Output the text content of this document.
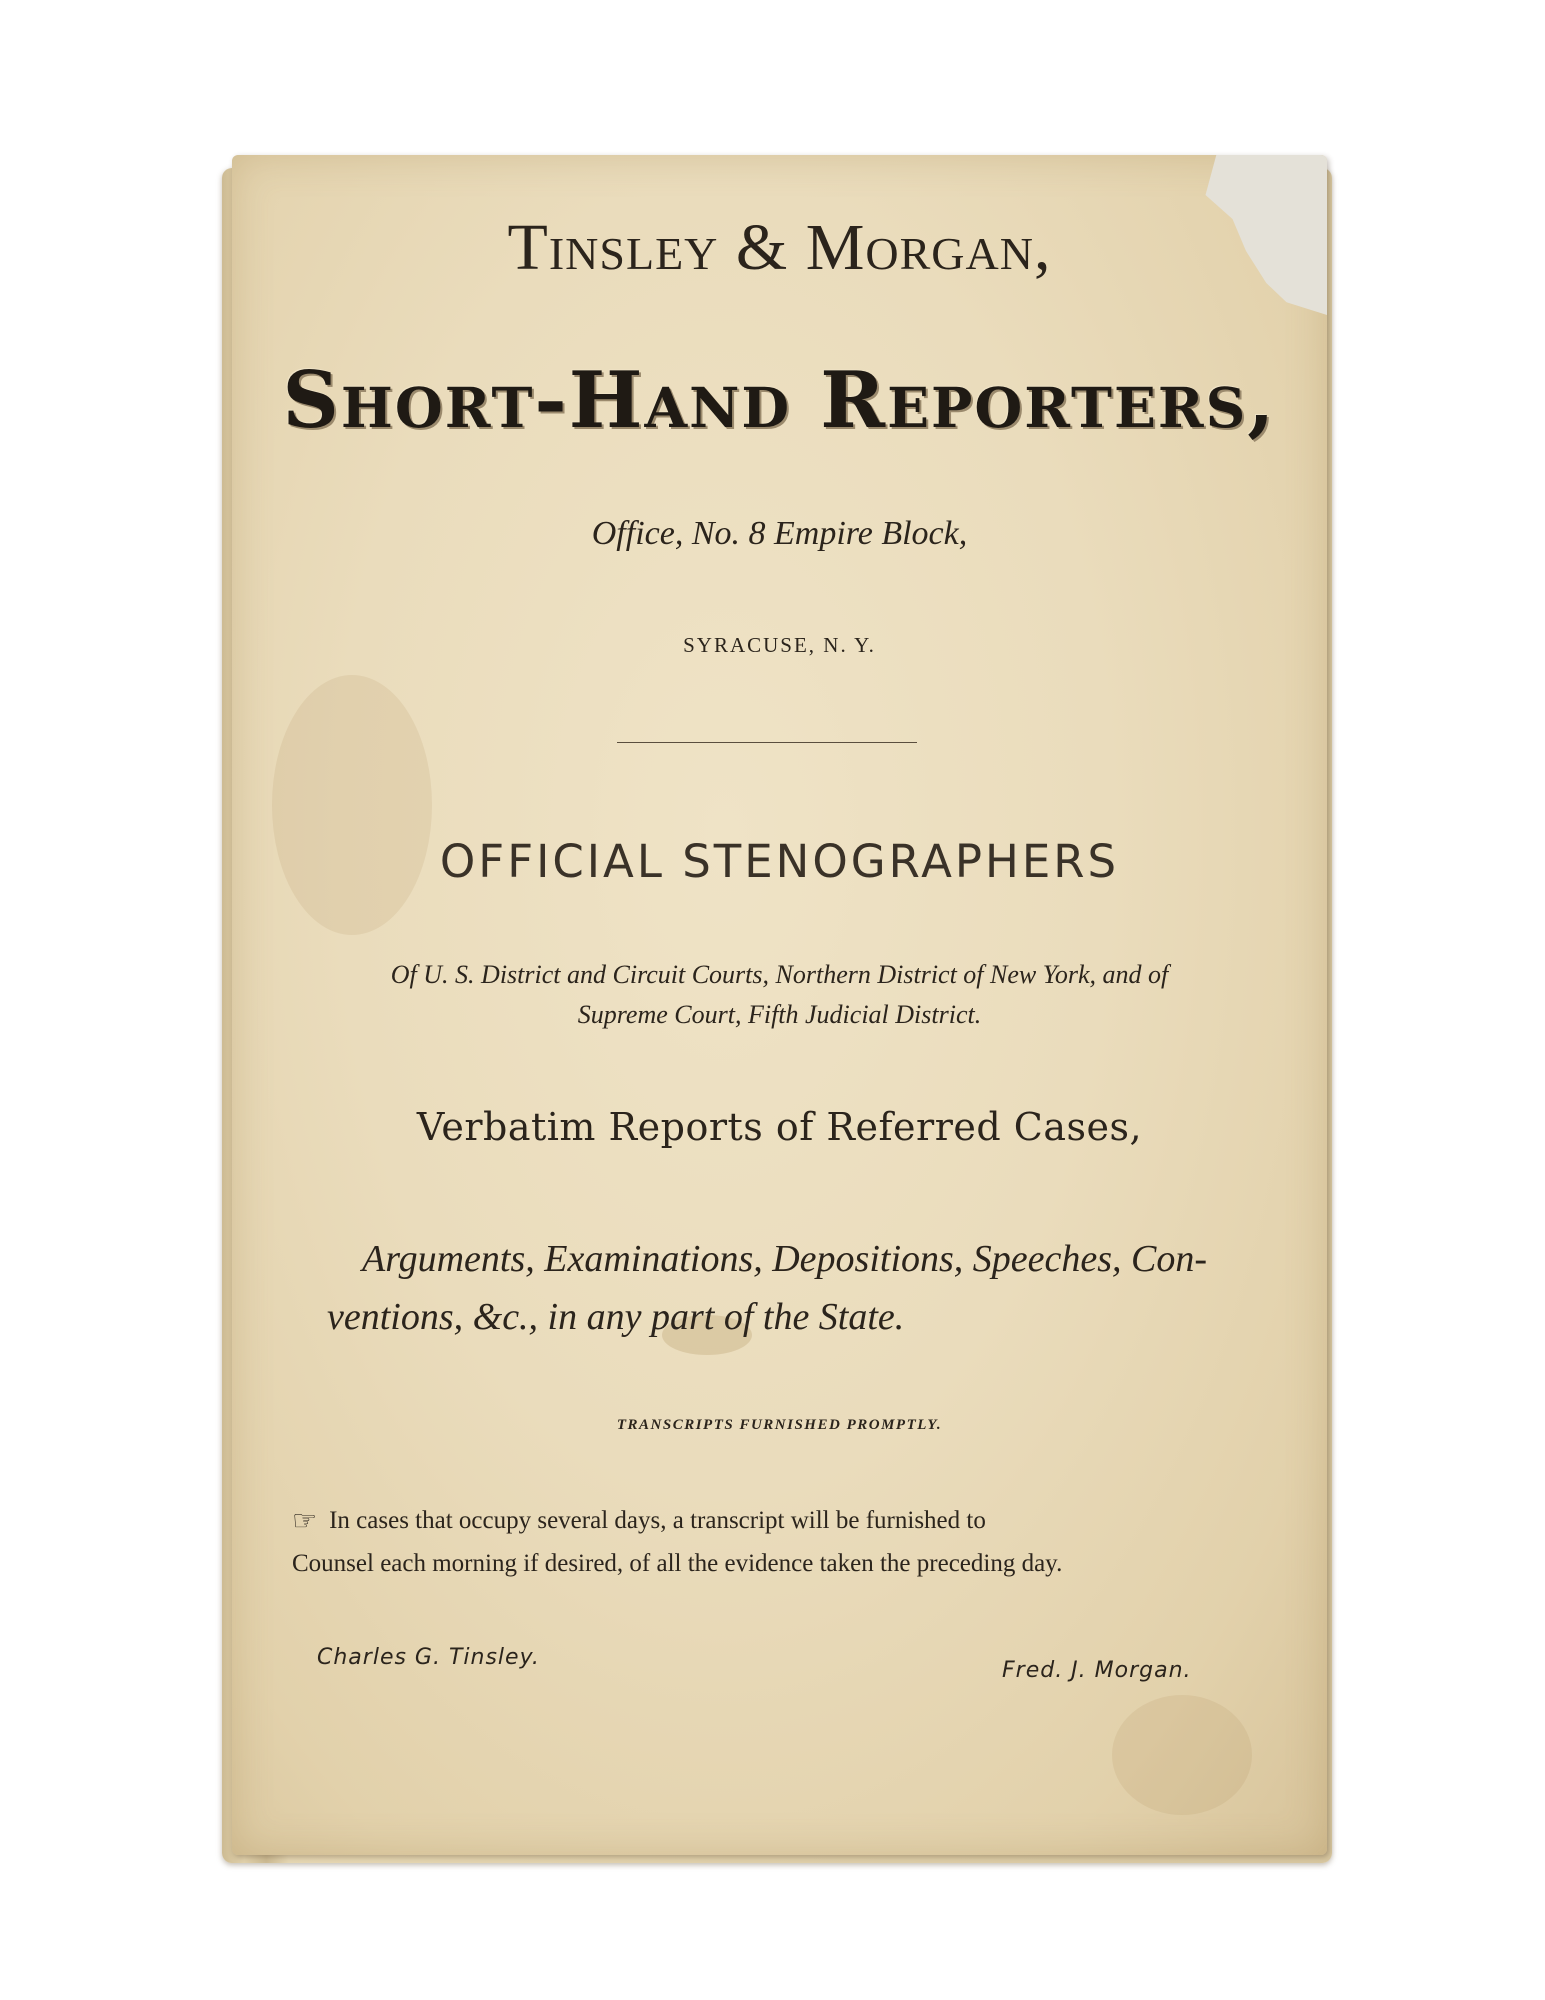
Tinsley & Morgan,
Short-Hand Reporters,
Office, No. 8 Empire Block,
SYRACUSE, N. Y.
OFFICIAL STENOGRAPHERS
Of U. S. District and Circuit Courts, Northern District of New York, and of
Supreme Court, Fifth Judicial District.
Verbatim Reports of Referred Cases,
Arguments, Examinations, Depositions, Speeches, Con-
ventions, &c., in any part of the State.
TRANSCRIPTS FURNISHED PROMPTLY.
☞ In cases that occupy several days, a transcript will be furnished to
Counsel each morning if desired, of all the evidence taken the preceding day.
Charles G. Tinsley.
Fred. J. Morgan.
